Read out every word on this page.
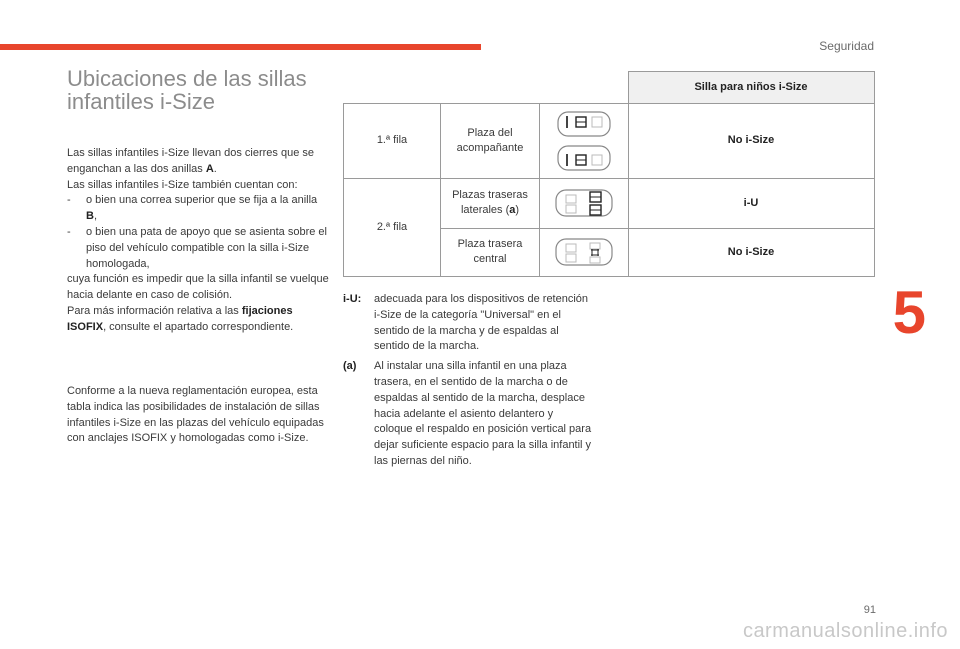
Seguridad
5
91
Ubicaciones de las sillas
infantiles i-Size

Las sillas infantiles i-Size llevan dos cierres que se enganchan a las dos anillas A.

Las sillas infantiles i-Size también cuentan con:

- o bien una correa superior que se fija a la anilla B,

- o bien una pata de apoyo que se asienta sobre el piso del vehículo compatible con la silla i-Size homologada,

cuya función es impedir que la silla infantil se vuelque hacia delante en caso de colisión.

Para más información relativa a las fijaciones ISOFIX, consulte el apartado correspondiente.

Conforme a la nueva reglamentación europea, esta tabla indica las posibilidades de instalación de sillas infantiles i-Size en las plazas del vehículo equipadas con anclajes ISOFIX y homologadas como i-Size.

			Silla para niños i-Size
1.ª fila	Plaza del acompañante		No i-Size
2.ª fila	Plazas traseras laterales (a)		i-U
	Plaza trasera central		No i-Size

i-U: adecuada para los dispositivos de retención i-Size de la categoría "Universal" en el sentido de la marcha y de espaldas al sentido de la marcha.

(a) Al instalar una silla infantil en una plaza trasera, en el sentido de la marcha o de espaldas al sentido de la marcha, desplace hacia adelante el asiento delantero y coloque el respaldo en posición vertical para dejar suficiente espacio para la silla infantil y las piernas del niño.

carmanualsonline.info
